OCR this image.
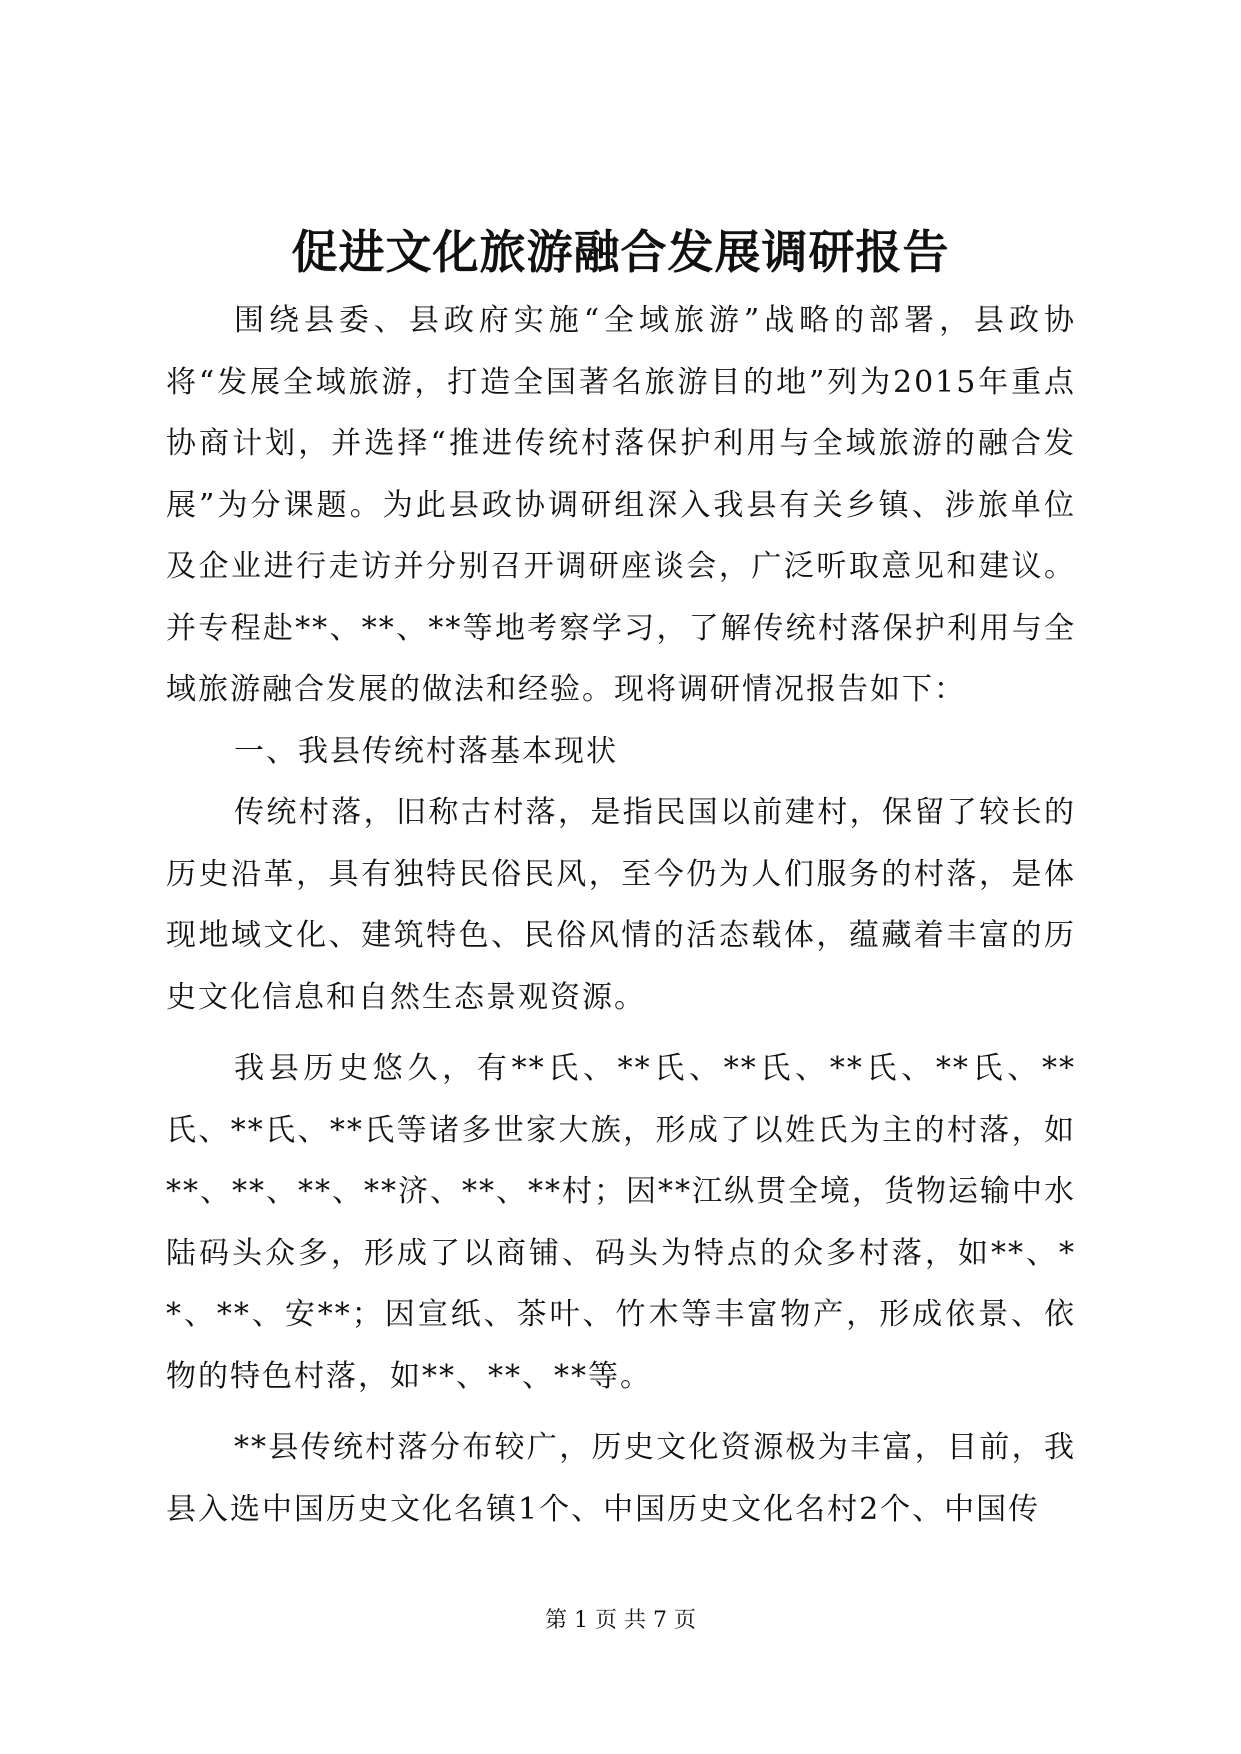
促进文化旅游融合发展调研报告

围绕县委、县政府实施“全域旅游”战略的部署，县政协将“发展全域旅游，打造全国著名旅游目的地”列为2015年重点协商计划，并选择“推进传统村落保护利用与全域旅游的融合发展”为分课题。为此县政协调研组深入我县有关乡镇、涉旅单位及企业进行走访并分别召开调研座谈会，广泛听取意见和建议。并专程赴**、**、**等地考察学习，了解传统村落保护利用与全域旅游融合发展的做法和经验。现将调研情况报告如下：

一、我县传统村落基本现状

传统村落，旧称古村落，是指民国以前建村，保留了较长的历史沿革，具有独特民俗民风，至今仍为人们服务的村落，是体现地域文化、建筑特色、民俗风情的活态载体，蕴藏着丰富的历史文化信息和自然生态景观资源。

我县历史悠久，有**氏、**氏、**氏、**氏、**氏、**氏、**氏、**氏等诸多世家大族，形成了以姓氏为主的村落，如**、**、**、**济、**、**村；因**江纵贯全境，货物运输中水陆码头众多，形成了以商铺、码头为特点的众多村落，如**、**、**、安**；因宣纸、茶叶、竹木等丰富物产，形成依景、依物的特色村落，如**、**、**等。

**县传统村落分布较广，历史文化资源极为丰富，目前，我县入选中国历史文化名镇1个、中国历史文化名村2个、中国传

第 1 页 共 7 页
